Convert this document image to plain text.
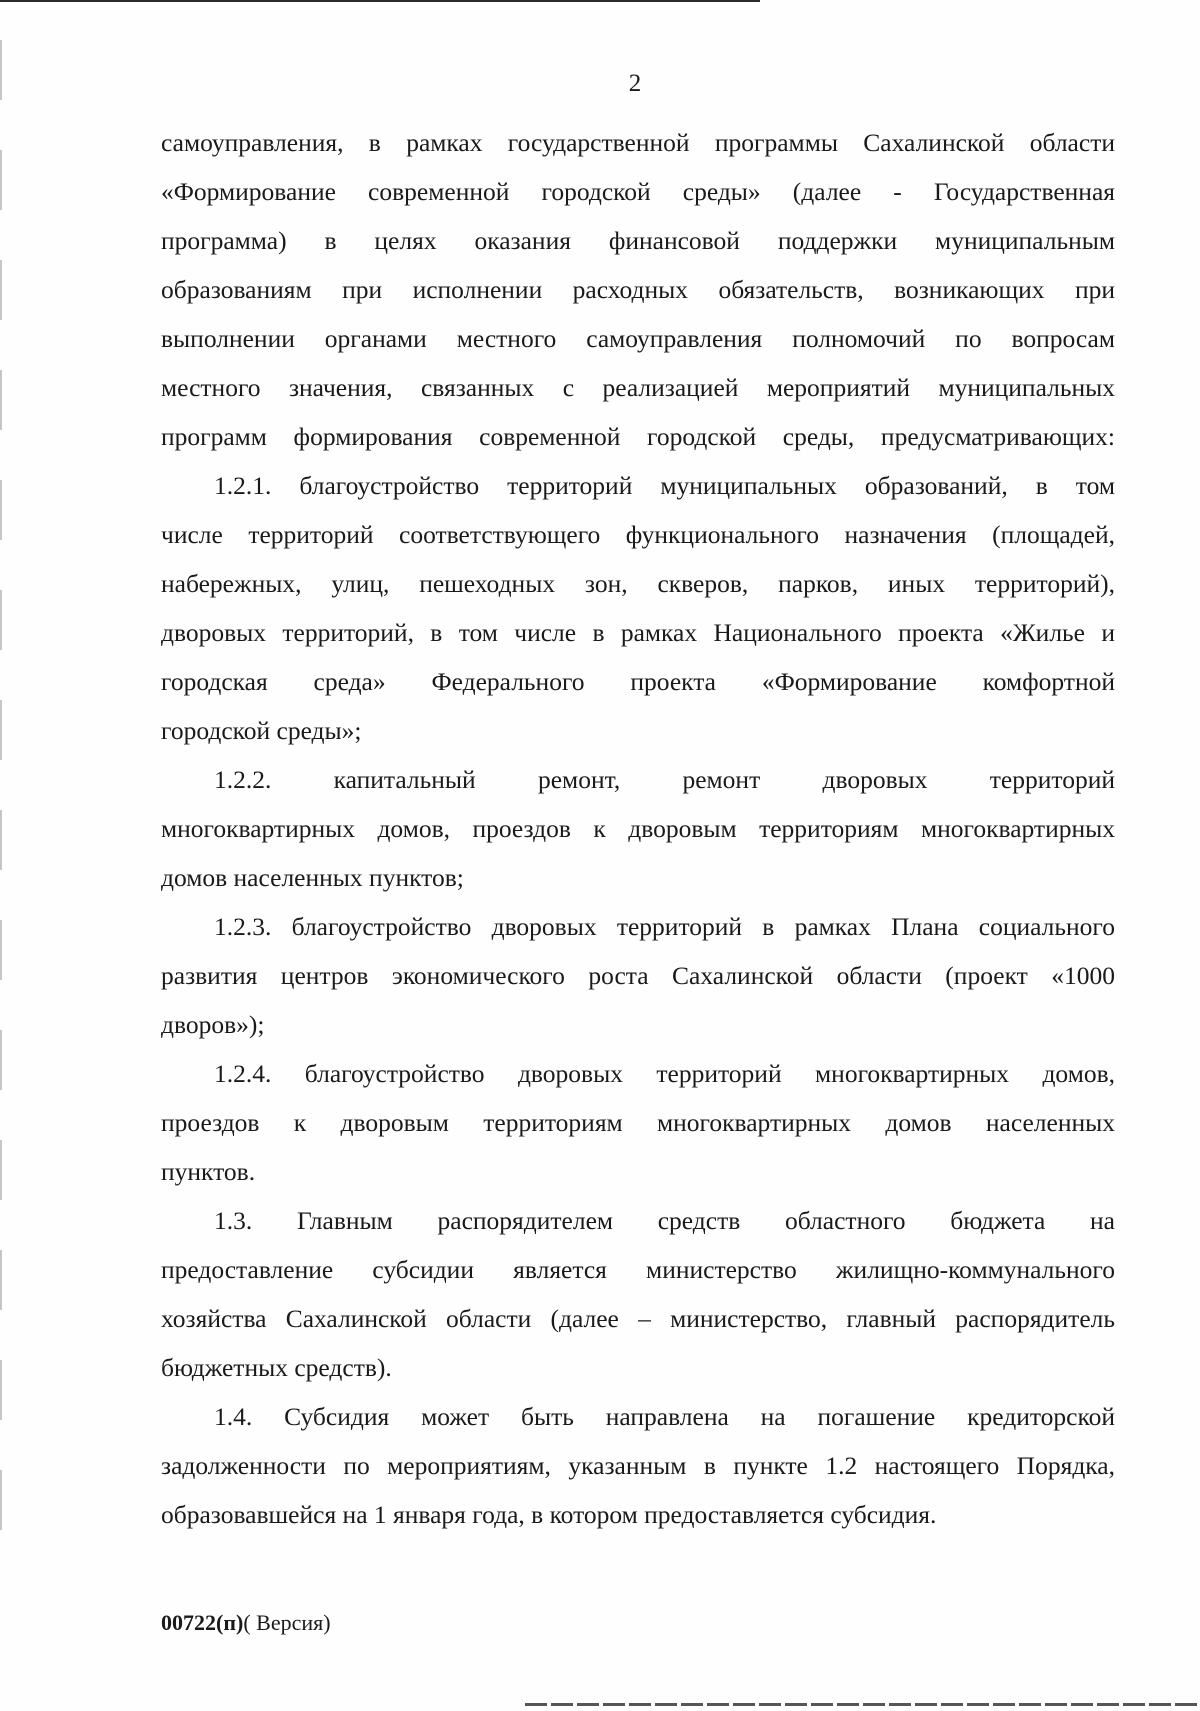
2
самоуправления, в рамках государственной программы Сахалинской области
«Формирование современной городской среды» (далее - Государственная
программа) в целях оказания финансовой поддержки муниципальным
образованиям при исполнении расходных обязательств, возникающих при
выполнении органами местного самоуправления полномочий по вопросам
местного значения, связанных с реализацией мероприятий муниципальных
программ формирования современной городской среды, предусматривающих:
1.2.1. благоустройство территорий муниципальных образований, в том
числе территорий соответствующего функционального назначения (площадей,
набережных, улиц, пешеходных зон, скверов, парков, иных территорий),
дворовых территорий, в том числе в рамках Национального проекта «Жилье и
городская среда» Федерального проекта «Формирование комфортной
городской среды»;
1.2.2. капитальный ремонт, ремонт дворовых территорий
многоквартирных домов, проездов к дворовым территориям многоквартирных
домов населенных пунктов;
1.2.3. благоустройство дворовых территорий в рамках Плана социального
развития центров экономического роста Сахалинской области (проект «1000
дворов»);
1.2.4. благоустройство дворовых территорий многоквартирных домов,
проездов к дворовым территориям многоквартирных домов населенных
пунктов.
1.3. Главным распорядителем средств областного бюджета на
предоставление субсидии является министерство жилищно-коммунального
хозяйства Сахалинской области (далее – министерство, главный распорядитель
бюджетных средств).
1.4. Субсидия может быть направлена на погашение кредиторской
задолженности по мероприятиям, указанным в пункте 1.2 настоящего Порядка,
образовавшейся на 1 января года, в котором предоставляется субсидия.
00722(п)( Версия)
